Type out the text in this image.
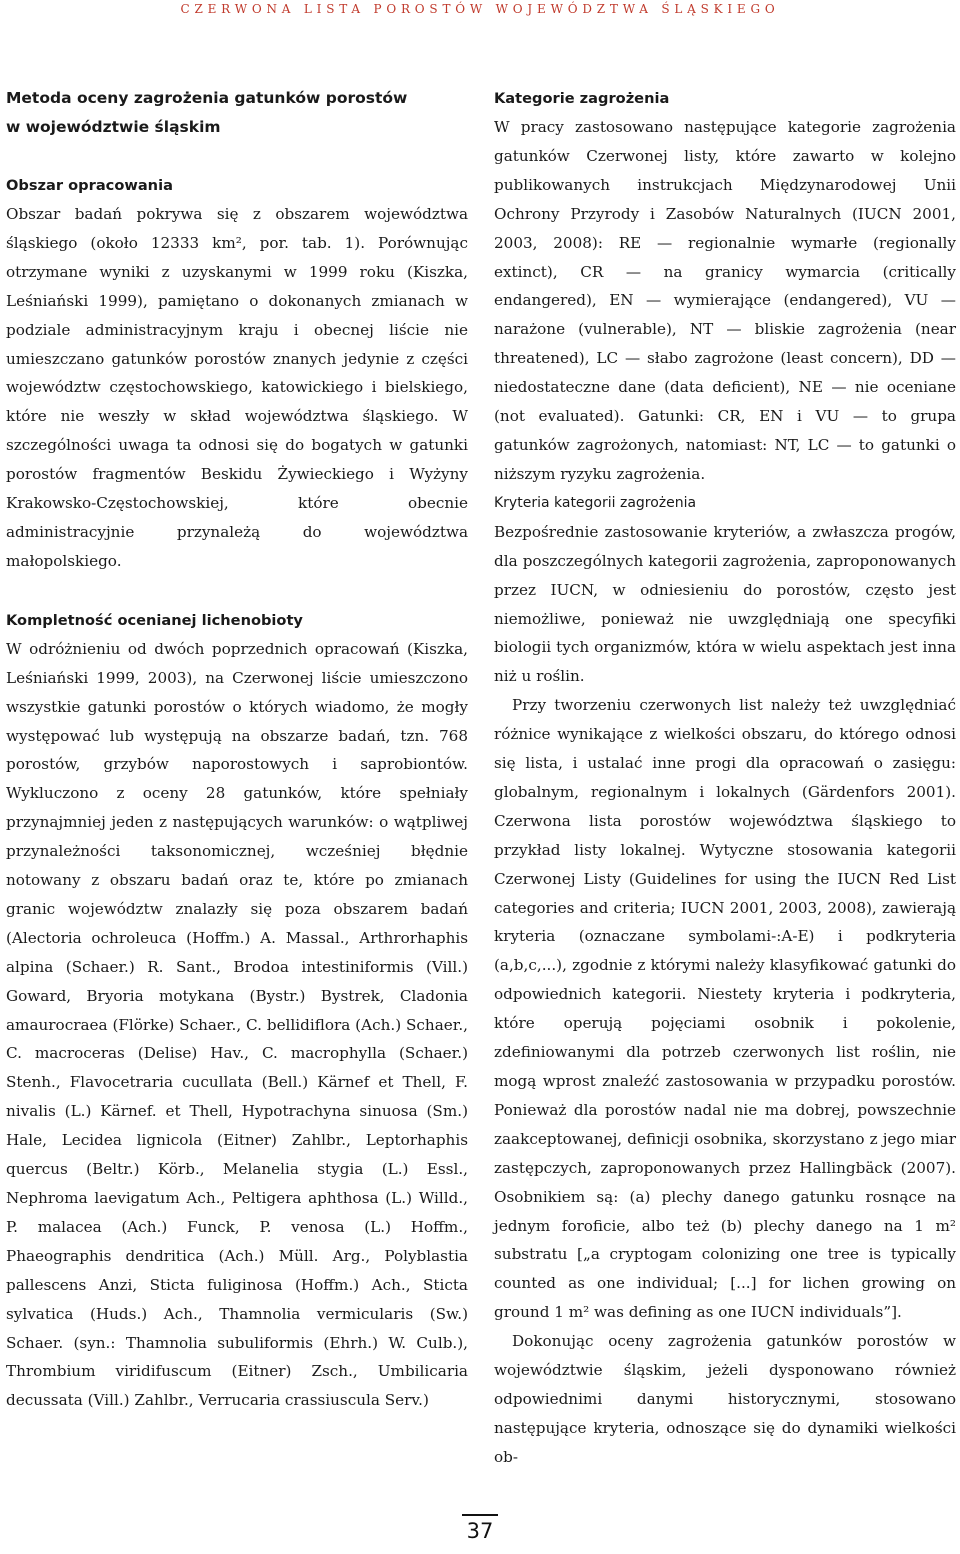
CZERWONA LISTA POROSTÓW WOJEWÓDZTWA ŚLĄSKIEGO
Metoda oceny zagrożenia gatunków porostów
w województwie śląskim
Obszar opracowania

Obszar badań pokrywa się z obszarem województwa śląskiego (około 12333 km², por. tab. 1). Porównując otrzymane wyniki z uzyskanymi w 1999 roku (Kiszka, Leśniański 1999), pamiętano o dokonanych zmianach w podziale administracyjnym kraju i obecnej liście nie umieszczano gatunków porostów znanych jedynie z części województw częstochowskiego, katowickiego i bielskiego, które nie weszły w skład województwa śląskiego. W szczególności uwaga ta odnosi się do bogatych w gatunki porostów fragmentów Beskidu Żywieckiego i Wyżyny Krakowsko-Częstochowskiej, które obecnie administracyjnie przynależą do województwa małopolskiego.

Kompletność ocenianej lichenobioty

W odróżnieniu od dwóch poprzednich opracowań (Kiszka, Leśniański 1999, 2003), na Czerwonej liście umieszczono wszystkie gatunki porostów o których wiadomo, że mogły występować lub występują na obszarze badań, tzn. 768 porostów, grzybów naporostowych i saprobiontów. Wykluczono z oceny 28 gatunków, które spełniały przynajmniej jeden z następujących warunków: o wątpliwej przynależności taksonomicznej, wcześniej błędnie notowany z obszaru badań oraz te, które po zmianach granic województw znalazły się poza obszarem badań (Alectoria ochroleuca (Hoffm.) A. Massal., Arthrorhaphis alpina (Schaer.) R. Sant., Brodoa intestiniformis (Vill.) Goward, Bryoria motykana (Bystr.) Bystrek, Cladonia amaurocraea (Flörke) Schaer., C. bellidiflora (Ach.) Schaer., C. macroceras (Delise) Hav., C. macrophylla (Schaer.) Stenh., Flavocetraria cucullata (Bell.) Kärnef et Thell, F. nivalis (L.) Kärnef. et Thell, Hypotrachyna sinuosa (Sm.) Hale, Lecidea lignicola (Eitner) Zahlbr., Leptorhaphis quercus (Beltr.) Körb., Melanelia stygia (L.) Essl., Nephroma laevigatum Ach., Peltigera aphthosa (L.) Willd., P. malacea (Ach.) Funck, P. venosa (L.) Hoffm., Phaeographis dendritica (Ach.) Müll. Arg., Polyblastia pallescens Anzi, Sticta fuliginosa (Hoffm.) Ach., Sticta sylvatica (Huds.) Ach., Thamnolia vermicularis (Sw.) Schaer. (syn.: Thamnolia subuliformis (Ehrh.) W. Culb.), Thrombium viridifuscum (Eitner) Zsch., Umbilicaria decussata (Vill.) Zahlbr., Verrucaria crassiuscula Serv.)

Kategorie zagrożenia

W pracy zastosowano następujące kategorie zagrożenia gatunków Czerwonej listy, które zawarto w kolejno publikowanych instrukcjach Międzynarodowej Unii Ochrony Przyrody i Zasobów Naturalnych (IUCN 2001, 2003, 2008): RE — regionalnie wymarłe (regionally extinct), CR — na granicy wymarcia (critically endangered), EN — wymierające (endangered), VU — narażone (vulnerable), NT — bliskie zagrożenia (near threatened), LC — słabo zagrożone (least concern), DD — niedostateczne dane (data deficient), NE — nie oceniane (not evaluated). Gatunki: CR, EN i VU — to grupa gatunków zagrożonych, natomiast: NT, LC — to gatunki o niższym ryzyku zagrożenia.

Kryteria kategorii zagrożenia

Bezpośrednie zastosowanie kryteriów, a zwłaszcza progów, dla poszczególnych kategorii zagrożenia, zaproponowanych przez IUCN, w odniesieniu do porostów, często jest niemożliwe, ponieważ nie uwzględniają one specyfiki biologii tych organizmów, która w wielu aspektach jest inna niż u roślin.

Przy tworzeniu czerwonych list należy też uwzględniać różnice wynikające z wielkości obszaru, do którego odnosi się lista, i ustalać inne progi dla opracowań o zasięgu: globalnym, regionalnym i lokalnych (Gärdenfors 2001). Czerwona lista porostów województwa śląskiego to przykład listy lokalnej. Wytyczne stosowania kategorii Czerwonej Listy (Guidelines for using the IUCN Red List categories and criteria; IUCN 2001, 2003, 2008), zawierają kryteria (oznaczane symbolami-:A-E) i podkryteria (a,b,c,...), zgodnie z którymi należy klasyfikować gatunki do odpowiednich kategorii. Niestety kryteria i podkryteria, które operują pojęciami osobnik i pokolenie, zdefiniowanymi dla potrzeb czerwonych list roślin, nie mogą wprost znaleźć zastosowania w przypadku porostów. Ponieważ dla porostów nadal nie ma dobrej, powszechnie zaakceptowanej, definicji osobnika, skorzystano z jego miar zastępczych, zaproponowanych przez Hallingbäck (2007). Osobnikiem są: (a) plechy danego gatunku rosnące na jednym foroficie, albo też (b) plechy danego na 1 m² substratu [„a cryptogam colonizing one tree is typically counted as one individual; [...] for lichen growing on ground 1 m² was defining as one IUCN individuals”].

Dokonując oceny zagrożenia gatunków porostów w województwie śląskim, jeżeli dysponowano również odpowiednimi danymi historycznymi, stosowano następujące kryteria, odnoszące się do dynamiki wielkości ob-

37
